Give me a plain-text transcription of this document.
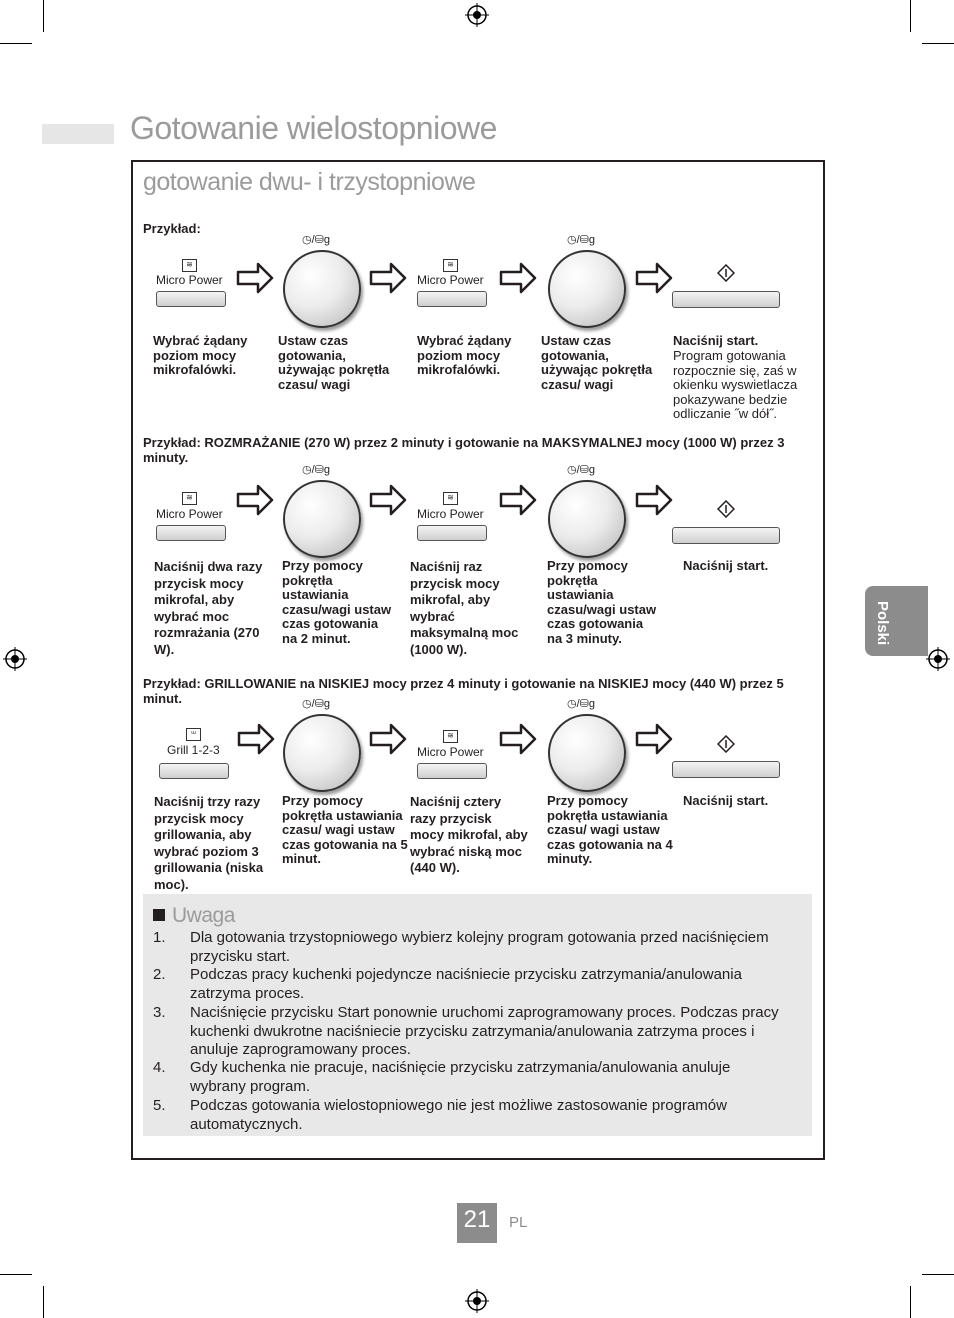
Gotowanie wielostopniowe
gotowanie dwu- i trzystopniowe
Polski
Przykład:
≋
Micro Power
◷/⛁g
≋
Micro Power
◷/⛁g
Wybrać żądany poziom mocy mikrofalówki.
Ustaw czas gotowania, używając pokrętła czasu/ wagi
Wybrać żądany poziom mocy mikrofalówki.
Ustaw czas gotowania, używając pokrętła czasu/ wagi
Naciśnij start.
Program gotowania rozpocznie się, zaś w okienku wyswietlacza pokazywane bedzie odliczanie ˝w dół˝.
Przykład: ROZMRAŻANIE (270 W) przez 2 minuty i gotowanie na MAKSYMALNEJ mocy (1000 W) przez 3 minuty.
≋
Micro Power
◷/⛁g
≋
Micro Power
◷/⛁g
Naciśnij dwa razy przycisk mocy mikrofal, aby wybrać moc rozmrażania (270 W).
Przy pomocy pokrętła ustawiania czasu/wagi ustaw czas gotowania na 2 minut.
Naciśnij raz przycisk mocy mikrofal, aby wybrać maksymalną moc (1000 W).
Przy pomocy pokrętła ustawiania czasu/wagi ustaw czas gotowania na 3 minuty.
Naciśnij start.
Przykład: GRILLOWANIE na NISKIEJ mocy przez 4 minuty i gotowanie na NISKIEJ mocy (440 W) przez 5 minut.
ᵚ
Grill 1-2-3
◷/⛁g
≋
Micro Power
◷/⛁g
Naciśnij trzy razy przycisk mocy grillowania, aby wybrać poziom 3 grillowania (niska moc).
Przy pomocy pokrętła ustawiania czasu/ wagi ustaw czas gotowania na 5 minut.
Naciśnij cztery razy przycisk mocy mikrofal, aby wybrać niską moc (440 W).
Przy pomocy pokrętła ustawiania czasu/ wagi ustaw czas gotowania na 4 minuty.
Naciśnij start.
Uwaga
1. Dla gotowania trzystopniowego wybierz kolejny program gotowania przed naciśnięciem przycisku start.
2. Podczas pracy kuchenki pojedyncze naciśniecie przycisku zatrzymania/anulowania zatrzyma proces.
3. Naciśnięcie przycisku Start ponownie uruchomi zaprogramowany proces. Podczas pracy kuchenki dwukrotne naciśniecie przycisku zatrzymania/anulowania zatrzyma proces i anuluje zaprogramowany proces.
4. Gdy kuchenka nie pracuje, naciśnięcie przycisku zatrzymania/anulowania anuluje wybrany program.
5. Podczas gotowania wielostopniowego nie jest możliwe zastosowanie programów automatycznych.
21	PL
